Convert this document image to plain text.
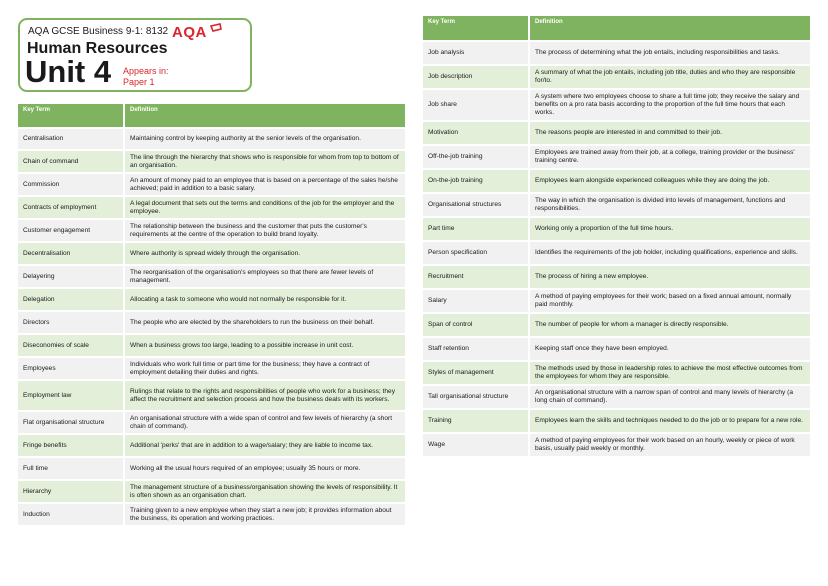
AQA GCSE Business 9-1: 8132 AQA
Human Resources
Unit 4 Appears in:
Paper 1
Key Term	Definition
Centralisation	Maintaining control by keeping authority at the senior levels of the organisation.
Chain of command	The line through the hierarchy that shows who is responsible for whom from top to bottom of an organisation.
Commission	An amount of money paid to an employee that is based on a percentage of the sales he/she achieved; paid in addition to a basic salary.
Contracts of employment	A legal document that sets out the terms and conditions of the job for the employer and the employee.
Customer engagement	The relationship between the business and the customer that puts the customer's requirements at the centre of the operation to build brand loyalty.
Decentralisation	Where authority is spread widely through the organisation.
Delayering	The reorganisation of the organisation's employees so that there are fewer levels of management.
Delegation	Allocating a task to someone who would not normally be responsible for it.
Directors	The people who are elected by the shareholders to run the business on their behalf.
Diseconomies of scale	When a business grows too large, leading to a possible increase in unit cost.
Employees	Individuals who work full time or part time for the business; they have a contract of employment detailing their duties and rights.
Employment law	Rulings that relate to the rights and responsibilities of people who work for a business; they affect the recruitment and selection process and how the business deals with its workers.
Flat organisational structure	An organisational structure with a wide span of control and few levels of hierarchy (a short chain of command).
Fringe benefits	Additional 'perks' that are in addition to a wage/salary; they are liable to income tax.
Full time	Working all the usual hours required of an employee; usually 35 hours or more.
Hierarchy	The management structure of a business/organisation showing the levels of responsibility. It is often shown as an organisation chart.
Induction	Training given to a new employee when they start a new job; it provides information about the business, its operation and working practices.
Key Term	Definition
Job analysis	The process of determining what the job entails, including responsibilities and tasks.
Job description	A summary of what the job entails, including job title, duties and who they are responsible for/to.
Job share	A system where two employees choose to share a full time job; they receive the salary and benefits on a pro rata basis according to the proportion of the full time hours that each works.
Motivation	The reasons people are interested in and committed to their job.
Off-the-job training	Employees are trained away from their job, at a college, training provider or the business' training centre.
On-the-job training	Employees learn alongside experienced colleagues while they are doing the job.
Organisational structures	The way in which the organisation is divided into levels of management, functions and responsibilities.
Part time	Working only a proportion of the full time hours.
Person specification	Identifies the requirements of the job holder, including qualifications, experience and skills.
Recruitment	The process of hiring a new employee.
Salary	A method of paying employees for their work; based on a fixed annual amount, normally paid monthly.
Span of control	The number of people for whom a manager is directly responsible.
Staff retention	Keeping staff once they have been employed.
Styles of management	The methods used by those in leadership roles to achieve the most effective outcomes from the employees for whom they are responsible.
Tall organisational structure	An organisational structure with a narrow span of control and many levels of hierarchy (a long chain of command).
Training	Employees learn the skills and techniques needed to do the job or to prepare for a new role.
Wage	A method of paying employees for their work based on an hourly, weekly or piece of work basis, usually paid weekly or monthly.
